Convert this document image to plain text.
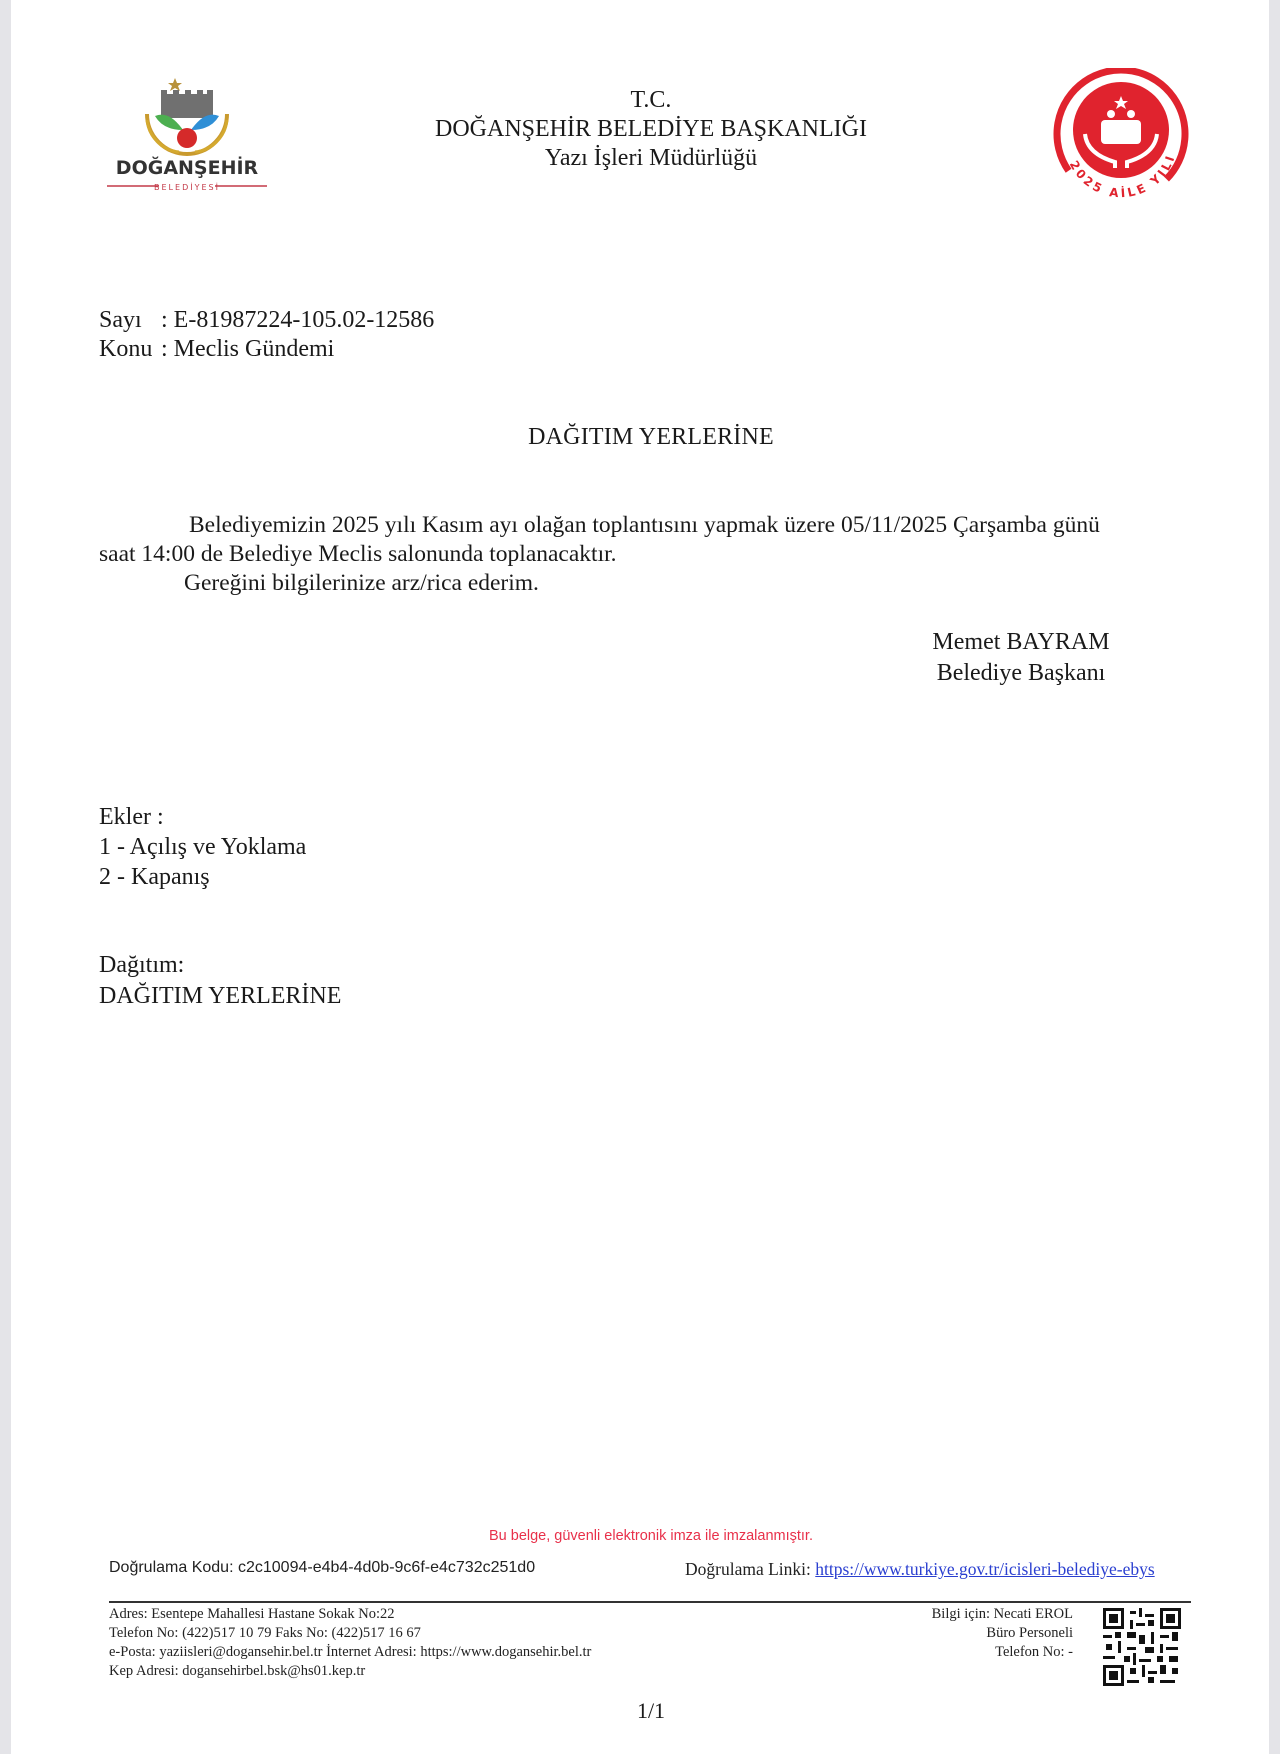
DOĞANŞEHİR
BELEDİYESİ
T.C.
DOĞANŞEHİR BELEDİYE BAŞKANLIĞI
Yazı İşleri Müdürlüğü	2025 AİLE YILI
Sayı : E-81987224-105.02-12586
Konu : Meclis Gündemi
DAĞITIM YERLERİNE
Belediyemizin 2025 yılı Kasım ayı olağan toplantısını yapmak üzere 05/11/2025 Çarşamba günü saat 14:00 de Belediye Meclis salonunda toplanacaktır.
Gereğini bilgilerinize arz/rica ederim.
Memet BAYRAM
Belediye Başkanı
Ekler :
1 - Açılış ve Yoklama
2 - Kapanış
Dağıtım:
DAĞITIM YERLERİNE
Bu belge, güvenli elektronik imza ile imzalanmıştır.
Doğrulama Kodu: c2c10094-e4b4-4d0b-9c6f-e4c732c251d0	Doğrulama Linki: https://www.turkiye.gov.tr/icisleri-belediye-ebys
Adres: Esentepe Mahallesi Hastane Sokak No:22
Telefon No: (422)517 10 79 Faks No: (422)517 16 67
e-Posta: yaziisleri@dogansehir.bel.tr İnternet Adresi: https://www.dogansehir.bel.tr
Kep Adresi: dogansehirbel.bsk@hs01.kep.tr
Bilgi için: Necati EROL
Büro Personeli
Telefon No: -
1/1
